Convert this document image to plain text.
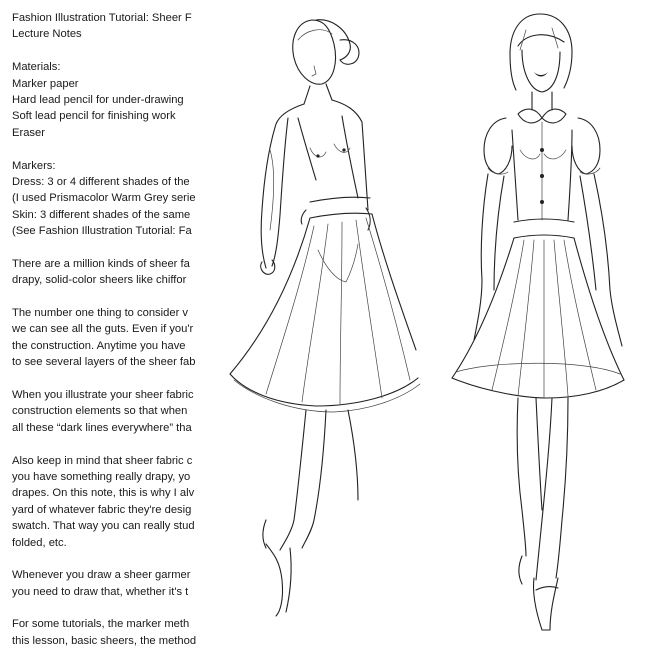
Fashion Illustration Tutorial: Sheer F
Lecture Notes
Materials:
Marker paper
Hard lead pencil for under-drawing
Soft lead pencil for finishing work
Eraser
Markers:
Dress: 3 or 4 different shades of the
(I used Prismacolor Warm Grey serie
Skin: 3 different shades of the same
(See Fashion Illustration Tutorial: Fa
There are a million kinds of sheer fa
drapy, solid-color sheers like chiffor
The number one thing to consider v
we can see all the guts. Even if you'r
the construction. Anytime you have
to see several layers of the sheer fab
When you illustrate your sheer fabric
construction elements so that when
all these “dark lines everywhere” tha
Also keep in mind that sheer fabric c
you have something really drapy, yo
drapes. On this note, this is why I alv
yard of whatever fabric they're desig
swatch. That way you can really stud
folded, etc.
Whenever you draw a sheer garmer
you need to draw that, whether it's t
For some tutorials, the marker meth
this lesson, basic sheers, the method
